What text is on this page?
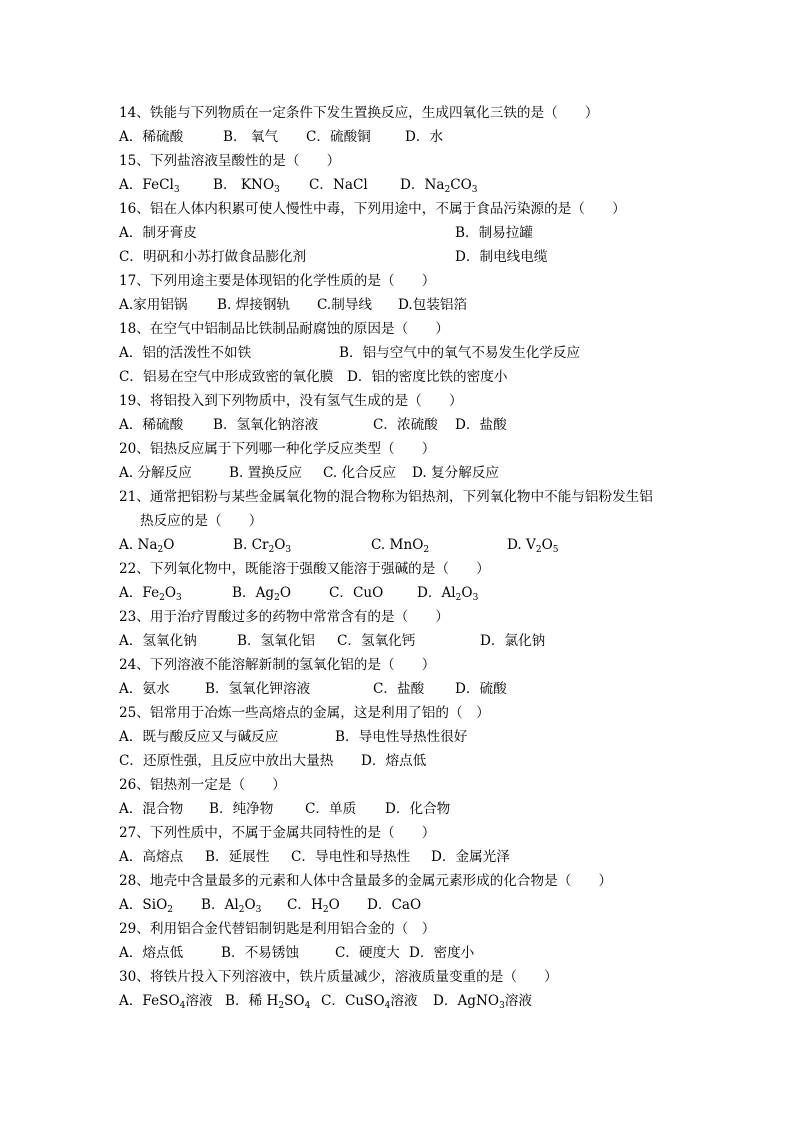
14、铁能与下列物质在一定条件下发生置换反应，生成四氧化三铁的是（　　）
A．稀硫酸	B． 氧气 C．硫酸铜	D．水
15、下列盐溶液呈酸性的是（　　）
A．FeCl$_3$ B． $KNO_3$ C．NaCl D．$Na_2CO_3$
16、铝在人体内积累可使人慢性中毒，下列用途中，不属于食品污染源的是（　　）
A．制牙膏皮	B．制易拉罐
C．明矾和小苏打做食品膨化剂	D．制电线电缆
17、下列用途主要是体现铝的化学性质的是（　　）
A.家用铝锅 B. 焊接钢轨 C.制导线 D.包装铝箔
18、在空气中铝制品比铁制品耐腐蚀的原因是（　　）
A．铝的活泼性不如铁	B．铝与空气中的氧气不易发生化学反应
C．铝易在空气中形成致密的氧化膜 D．铝的密度比铁的密度小
19、将铝投入到下列物质中，没有氢气生成的是（　　）
A．稀硫酸 B．氢氧化钠溶液	C．浓硫酸 D．盐酸
20、铝热反应属于下列哪一种化学反应类型（　　）
A. 分解反应	B. 置换反应 C. 化合反应 D. 复分解反应
21、通常把铝粉与某些金属氧化物的混合物称为铝热剂，下列氧化物中不能与铝粉发生铝
热反应的是（　　）
A. $Na_2O$	B. $Cr_2O_3$	C. MnO$_2$	D. $V_2O_5$
22、下列氧化物中，既能溶于强酸又能溶于强碱的是（　　）
A．$Fe_2O_3$	B．$Ag_2O$	C．CuO D．$Al_2O_3$
23、用于治疗胃酸过多的药物中常常含有的是（　　）
A．氢氧化钠	B．氢氧化铝 C．氢氧化钙	D．氯化钠
24、下列溶液不能溶解新制的氢氧化铝的是（　　）
A．氨水	B．氢氧化钾溶液	C．盐酸 D．硫酸
25、铝常用于冶炼一些高熔点的金属，这是利用了铝的（　）
A．既与酸反应又与碱反应	B．导电性导热性很好
C．还原性强，且反应中放出大量热 D．熔点低
26、铝热剂一定是（　　）
A．混合物 B．纯净物 C．单质 D．化合物
27、下列性质中，不属于金属共同特性的是（　　）
A．高熔点 B．延展性 C．导电性和导热性 D．金属光泽
28、地壳中含量最多的元素和人体中含量最多的金属元素形成的化合物是（　　）
A．SiO$_2$ B．$Al_2O_3$ C．$H_2O$ D．CaO
29、利用铝合金代替铝制钥匙是利用铝合金的（　）
A．熔点低	B．不易锈蚀	C．硬度大 D．密度小
30、将铁片投入下列溶液中，铁片质量减少，溶液质量变重的是（　　）
A．FeSO$_4$溶液 B．稀 $H_2SO_4$ C．CuSO$_4$溶液 D．AgNO$_3$溶液
